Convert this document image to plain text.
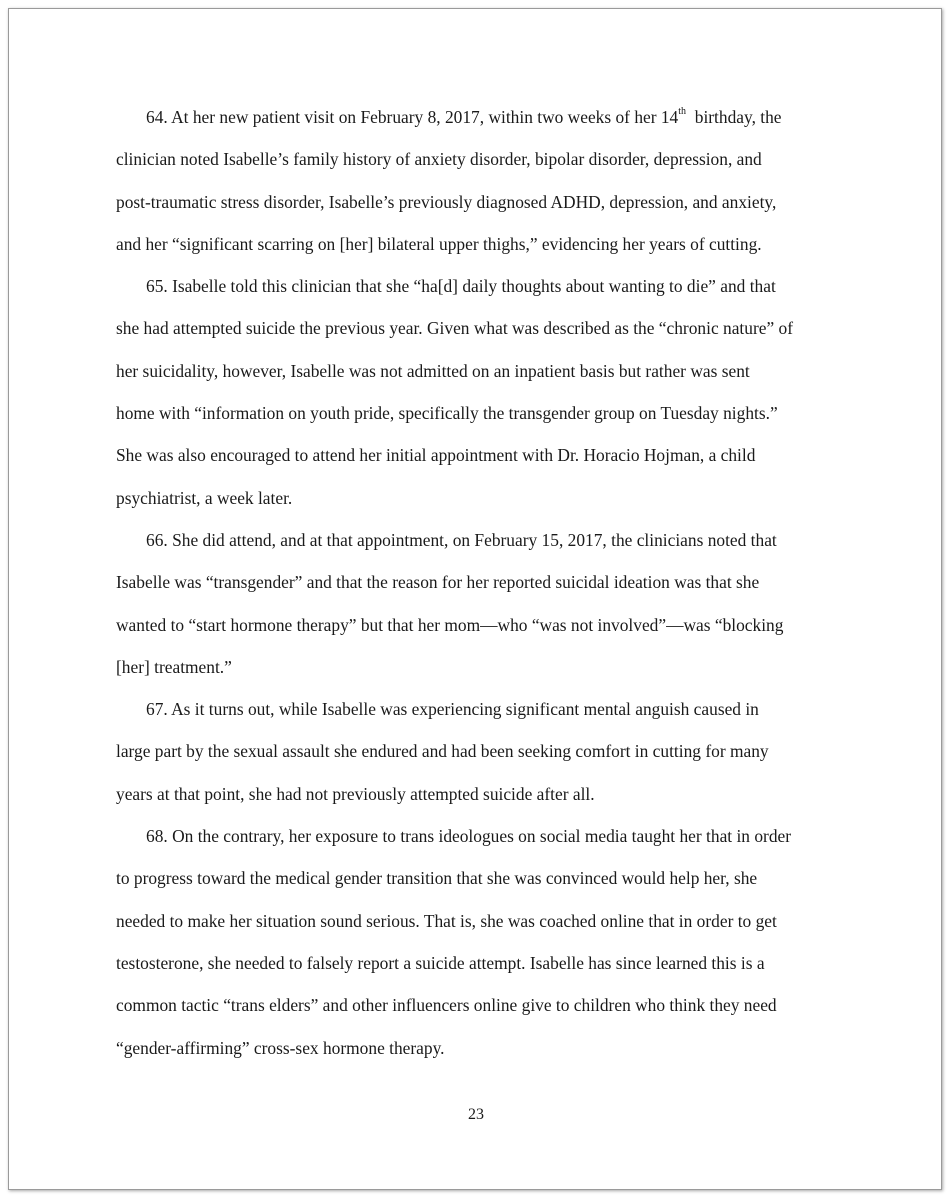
64. At her new patient visit on February 8, 2017, within two weeks of her 14th  birthday, the
clinician noted Isabelle’s family history of anxiety disorder, bipolar disorder, depression, and
post-traumatic stress disorder, Isabelle’s previously diagnosed ADHD, depression, and anxiety,
and her “significant scarring on [her] bilateral upper thighs,” evidencing her years of cutting.
65. Isabelle told this clinician that she “ha[d] daily thoughts about wanting to die” and that
she had attempted suicide the previous year. Given what was described as the “chronic nature” of
her suicidality, however, Isabelle was not admitted on an inpatient basis but rather was sent
home with “information on youth pride, specifically the transgender group on Tuesday nights.”
She was also encouraged to attend her initial appointment with Dr. Horacio Hojman, a child
psychiatrist, a week later.
66. She did attend, and at that appointment, on February 15, 2017, the clinicians noted that
Isabelle was “transgender” and that the reason for her reported suicidal ideation was that she
wanted to “start hormone therapy” but that her mom—who “was not involved”—was “blocking
[her] treatment.”
67. As it turns out, while Isabelle was experiencing significant mental anguish caused in
large part by the sexual assault she endured and had been seeking comfort in cutting for many
years at that point, she had not previously attempted suicide after all.
68. On the contrary, her exposure to trans ideologues on social media taught her that in order
to progress toward the medical gender transition that she was convinced would help her, she
needed to make her situation sound serious. That is, she was coached online that in order to get
testosterone, she needed to falsely report a suicide attempt. Isabelle has since learned this is a
common tactic “trans elders” and other influencers online give to children who think they need
“gender-affirming” cross-sex hormone therapy.
23
